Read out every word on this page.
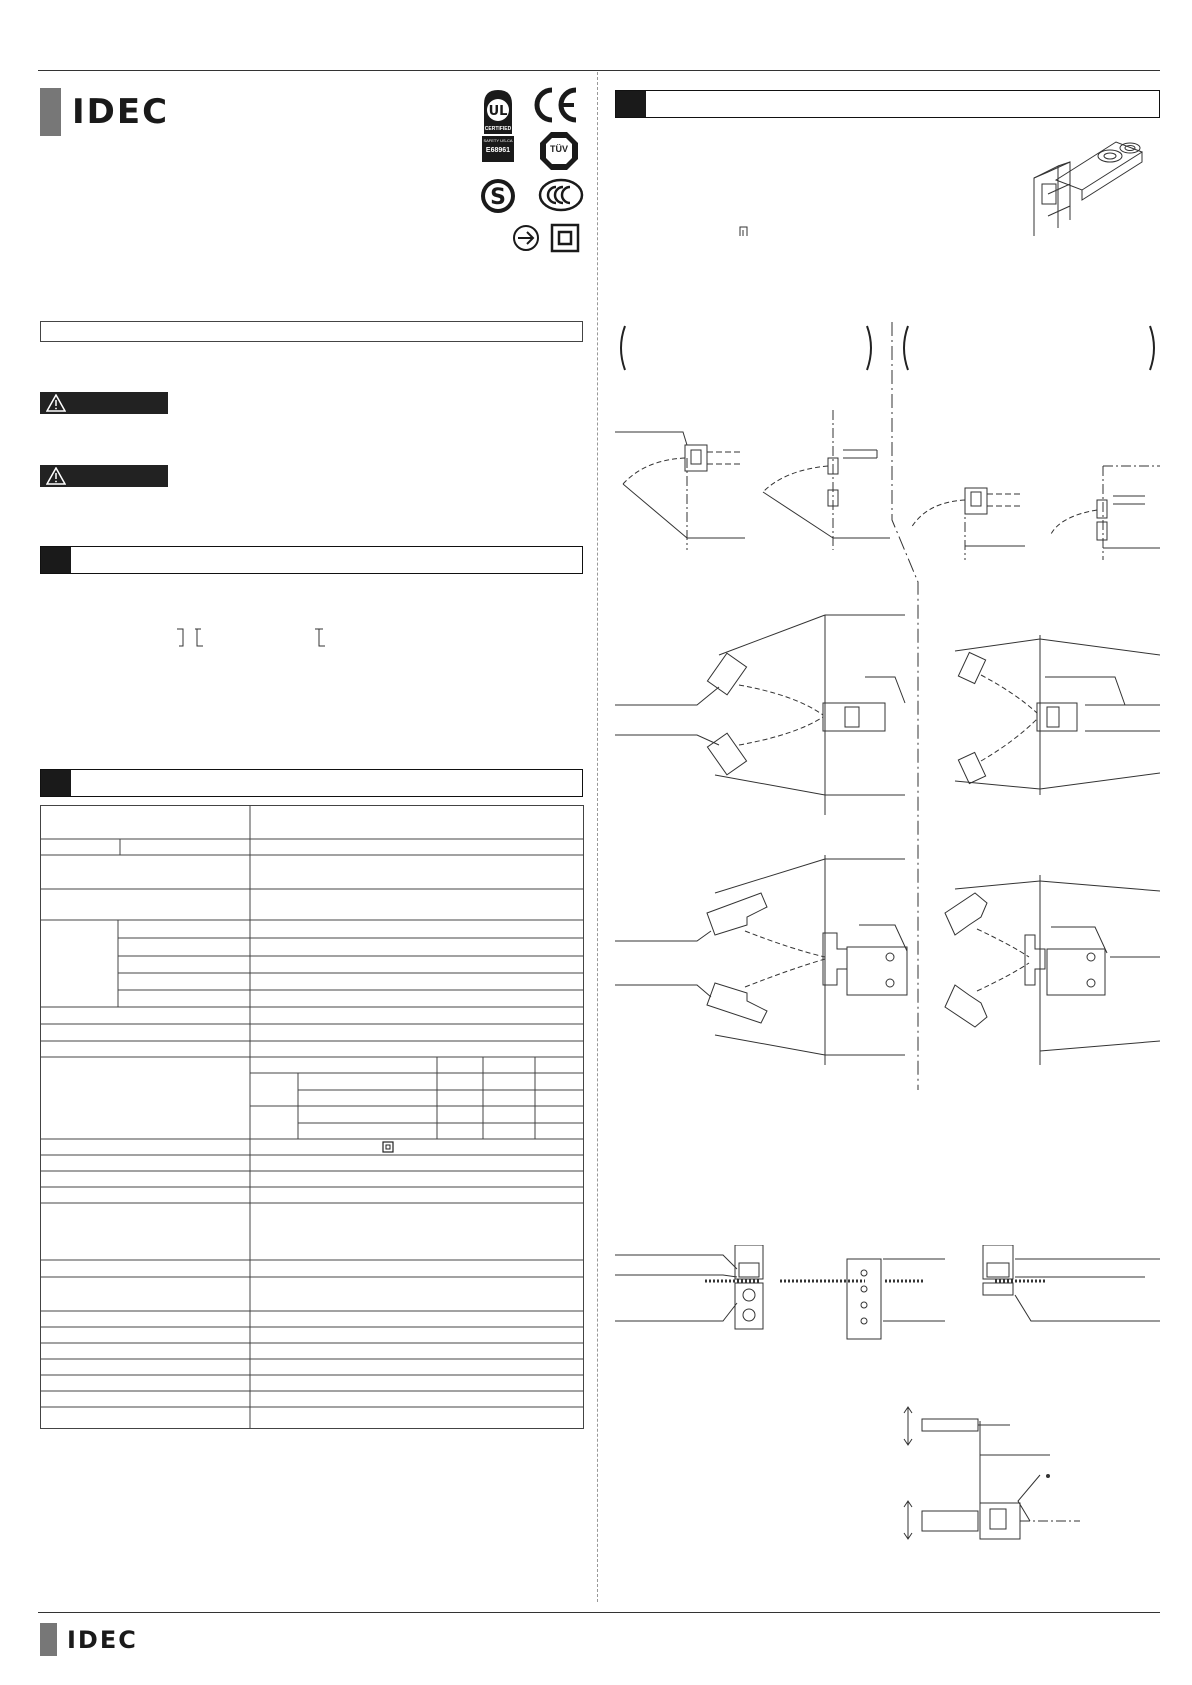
IDEC	UL
CERTIFIED
SAFETY US-CA
E68961	TÜV
S
IDEC
